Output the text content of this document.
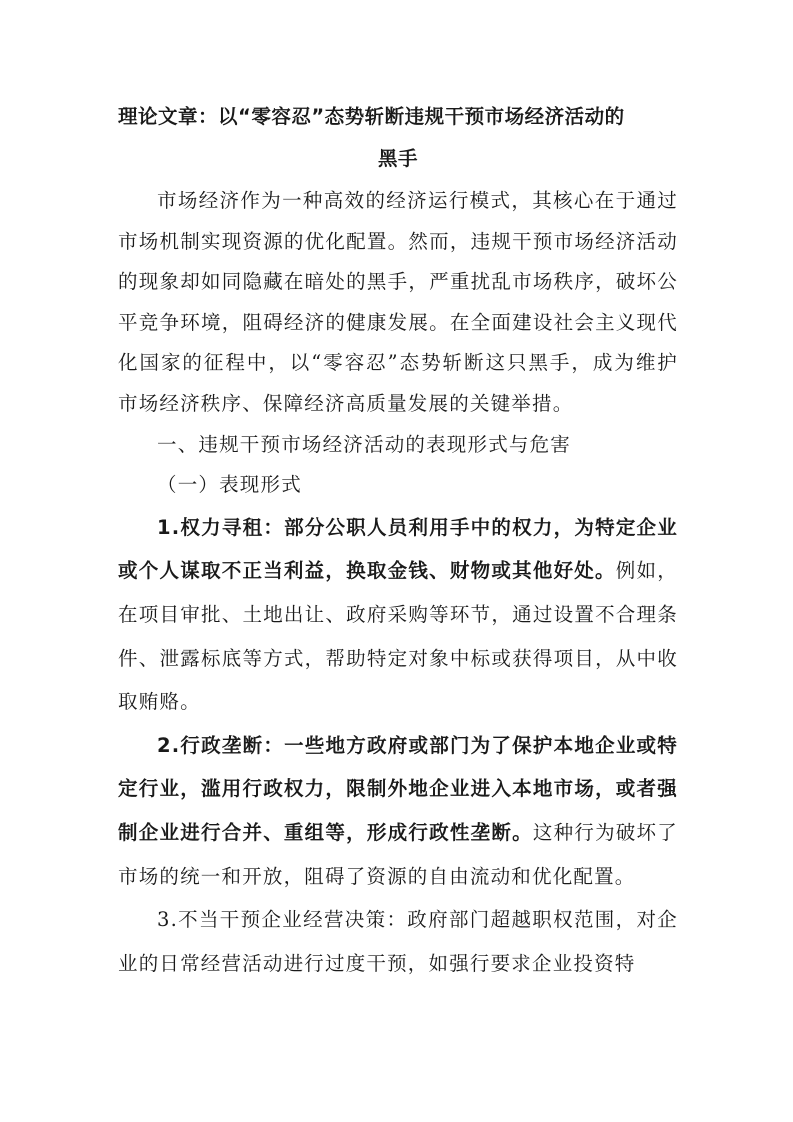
理论文章：以“零容忍”态势斩断违规干预市场经济活动的
黑手

市场经济作为一种高效的经济运行模式，其核心在于通过市场机制实现资源的优化配置。然而，违规干预市场经济活动的现象却如同隐藏在暗处的黑手，严重扰乱市场秩序，破坏公平竞争环境，阻碍经济的健康发展。在全面建设社会主义现代化国家的征程中，以“零容忍”态势斩断这只黑手，成为维护市场经济秩序、保障经济高质量发展的关键举措。

一、违规干预市场经济活动的表现形式与危害

（一）表现形式

1.权力寻租：部分公职人员利用手中的权力，为特定企业或个人谋取不正当利益，换取金钱、财物或其他好处。例如，在项目审批、土地出让、政府采购等环节，通过设置不合理条件、泄露标底等方式，帮助特定对象中标或获得项目，从中收取贿赂。

2.行政垄断：一些地方政府或部门为了保护本地企业或特定行业，滥用行政权力，限制外地企业进入本地市场，或者强制企业进行合并、重组等，形成行政性垄断。这种行为破坏了市场的统一和开放，阻碍了资源的自由流动和优化配置。

3.不当干预企业经营决策：政府部门超越职权范围，对企业的日常经营活动进行过度干预，如强行要求企业投资特
